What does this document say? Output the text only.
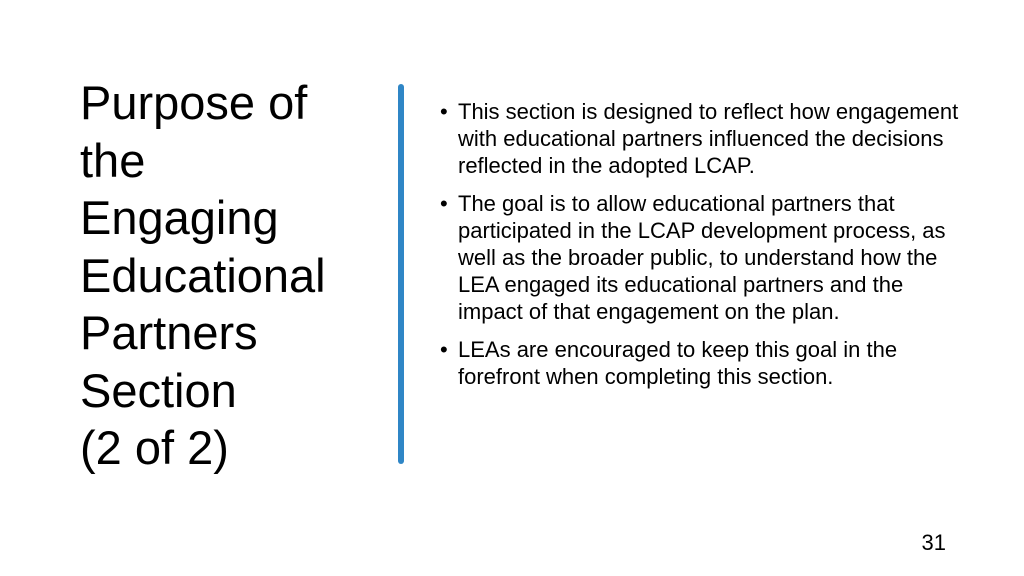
Purpose of
the
Engaging
Educational
Partners
Section
(2 of 2)
• This section is designed to reflect how engagement with educational partners influenced the decisions reflected in the adopted LCAP.
• The goal is to allow educational partners that participated in the LCAP development process, as well as the broader public, to understand how the LEA engaged its educational partners and the impact of that engagement on the plan.
• LEAs are encouraged to keep this goal in the forefront when completing this section.
31
